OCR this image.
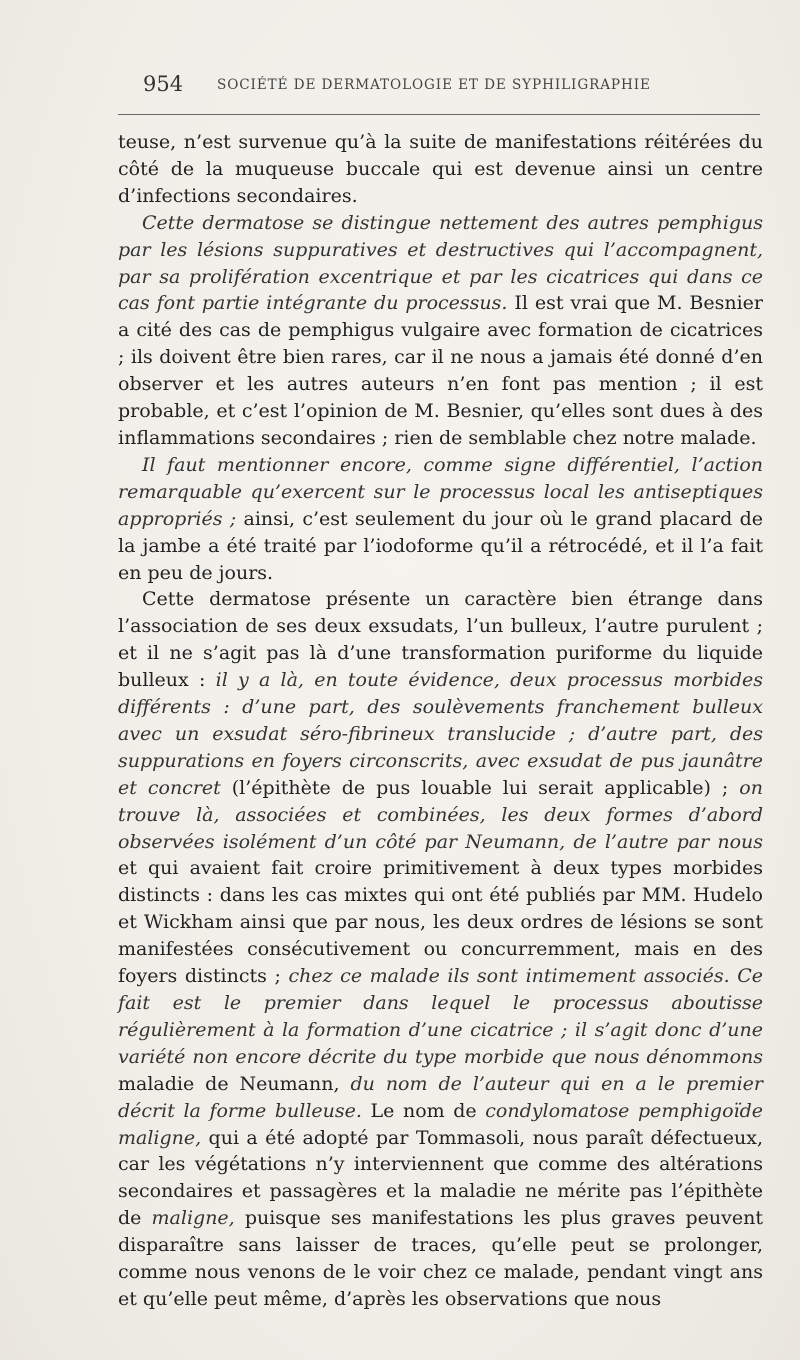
954 SOCIÉTÉ DE DERMATOLOGIE ET DE SYPHILIGRAPHIE

teuse, n’est survenue qu’à la suite de manifestations réitérées du côté de la muqueuse buccale qui est devenue ainsi un centre d’infections secondaires.

Cette dermatose se distingue nettement des autres pemphigus par les lésions suppuratives et destructives qui l’accompagnent, par sa prolifération excentrique et par les cicatrices qui dans ce cas font partie intégrante du processus. Il est vrai que M. Besnier a cité des cas de pemphigus vulgaire avec formation de cicatrices ; ils doivent être bien rares, car il ne nous a jamais été donné d’en observer et les autres auteurs n’en font pas mention ; il est probable, et c’est l’opinion de M. Besnier, qu’elles sont dues à des inflammations secondaires ; rien de semblable chez notre malade.

Il faut mentionner encore, comme signe différentiel, l’action remarquable qu’exercent sur le processus local les antiseptiques appropriés ; ainsi, c’est seulement du jour où le grand placard de la jambe a été traité par l’iodoforme qu’il a rétrocédé, et il l’a fait en peu de jours.

Cette dermatose présente un caractère bien étrange dans l’association de ses deux exsudats, l’un bulleux, l’autre purulent ; et il ne s’agit pas là d’une transformation puriforme du liquide bulleux : il y a là, en toute évidence, deux processus morbides différents : d’une part, des soulèvements franchement bulleux avec un exsudat séro-fibrineux translucide ; d’autre part, des suppurations en foyers circonscrits, avec exsudat de pus jaunâtre et concret (l’épithète de pus louable lui serait applicable) ; on trouve là, associées et combinées, les deux formes d’abord observées isolément d’un côté par Neumann, de l’autre par nous et qui avaient fait croire primitivement à deux types morbides distincts : dans les cas mixtes qui ont été publiés par MM. Hudelo et Wickham ainsi que par nous, les deux ordres de lésions se sont manifestées consécutivement ou concurremment, mais en des foyers distincts ; chez ce malade ils sont intimement associés. Ce fait est le premier dans lequel le processus aboutisse régulièrement à la formation d’une cicatrice ; il s’agit donc d’une variété non encore décrite du type morbide que nous dénommons maladie de Neumann, du nom de l’auteur qui en a le premier décrit la forme bulleuse. Le nom de condylomatose pemphigoïde maligne, qui a été adopté par Tommasoli, nous paraît défectueux, car les végétations n’y interviennent que comme des altérations secondaires et passagères et la maladie ne mérite pas l’épithète de maligne, puisque ses manifestations les plus graves peuvent disparaître sans laisser de traces, qu’elle peut se prolonger, comme nous venons de le voir chez ce malade, pendant vingt ans et qu’elle peut même, d’après les observations que nous
